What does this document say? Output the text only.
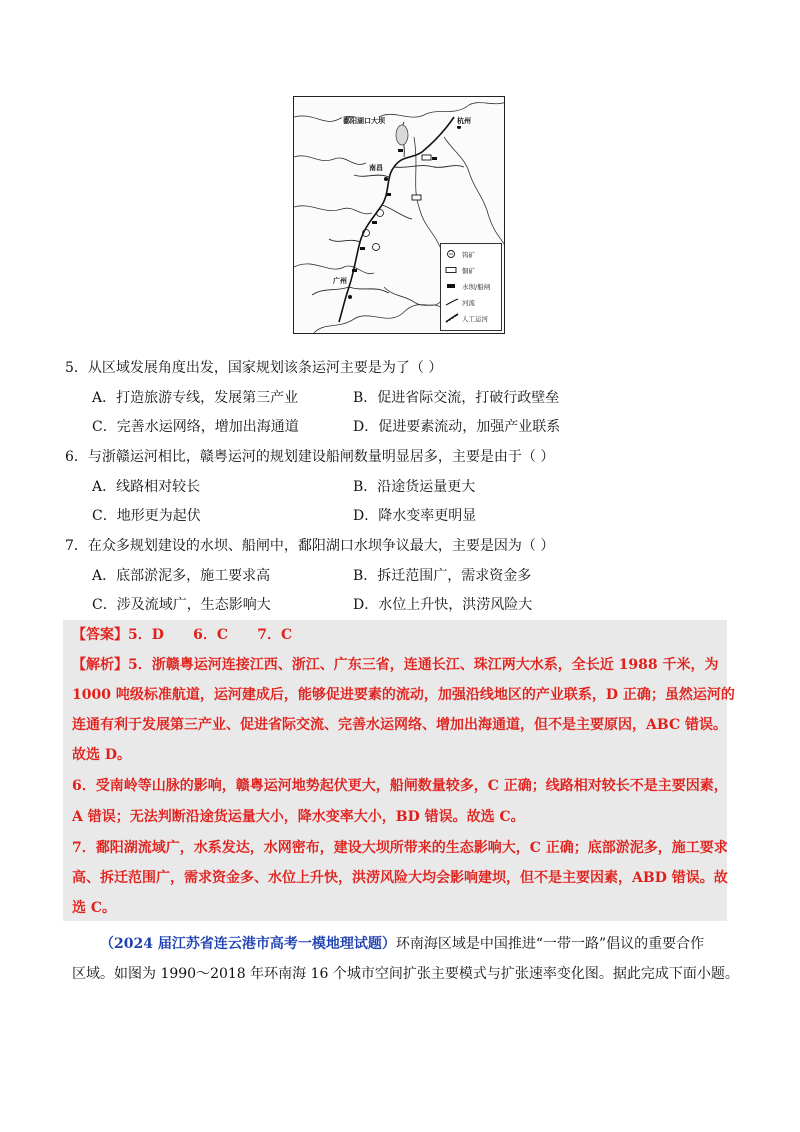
鄱阳湖口大坝	杭州
南昌
广州
钨矿
铜矿
水坝/船闸
河流
人工运河
5．从区域发展角度出发，国家规划该条运河主要是为了（ ）
A．打造旅游专线，发展第三产业	B．促进省际交流，打破行政壁垒
C．完善水运网络，增加出海通道	D．促进要素流动，加强产业联系
6．与浙赣运河相比，赣粤运河的规划建设船闸数量明显居多，主要是由于（ ）
A．线路相对较长	B．沿途货运量更大
C．地形更为起伏	D．降水变率更明显
7．在众多规划建设的水坝、船闸中，鄱阳湖口水坝争议最大，主要是因为（ ）
A．底部淤泥多，施工要求高	B．拆迁范围广，需求资金多
C．涉及流域广，生态影响大	D．水位上升快，洪涝风险大
【答案】5．D      6．C      7．C
【解析】5．浙赣粤运河连接江西、浙江、广东三省，连通长江、珠江两大水系，全长近 1988 千米，为
1000 吨级标准航道，运河建成后，能够促进要素的流动，加强沿线地区的产业联系，D 正确；虽然运河的
连通有利于发展第三产业、促进省际交流、完善水运网络、增加出海通道，但不是主要原因，ABC 错误。
故选 D。
6．受南岭等山脉的影响，赣粤运河地势起伏更大，船闸数量较多，C 正确；线路相对较长不是主要因素，
A 错误；无法判断沿途货运量大小，降水变率大小，BD 错误。故选 C。
7．鄱阳湖流域广，水系发达，水网密布，建设大坝所带来的生态影响大，C 正确；底部淤泥多，施工要求
高、拆迁范围广，需求资金多、水位上升快，洪涝风险大均会影响建坝，但不是主要因素，ABD 错误。故
选 C。
（2024 届江苏省连云港市高考一模地理试题）环南海区域是中国推进“一带一路”倡议的重要合作
区域。如图为 1990～2018 年环南海 16 个城市空间扩张主要模式与扩张速率变化图。据此完成下面小题。
